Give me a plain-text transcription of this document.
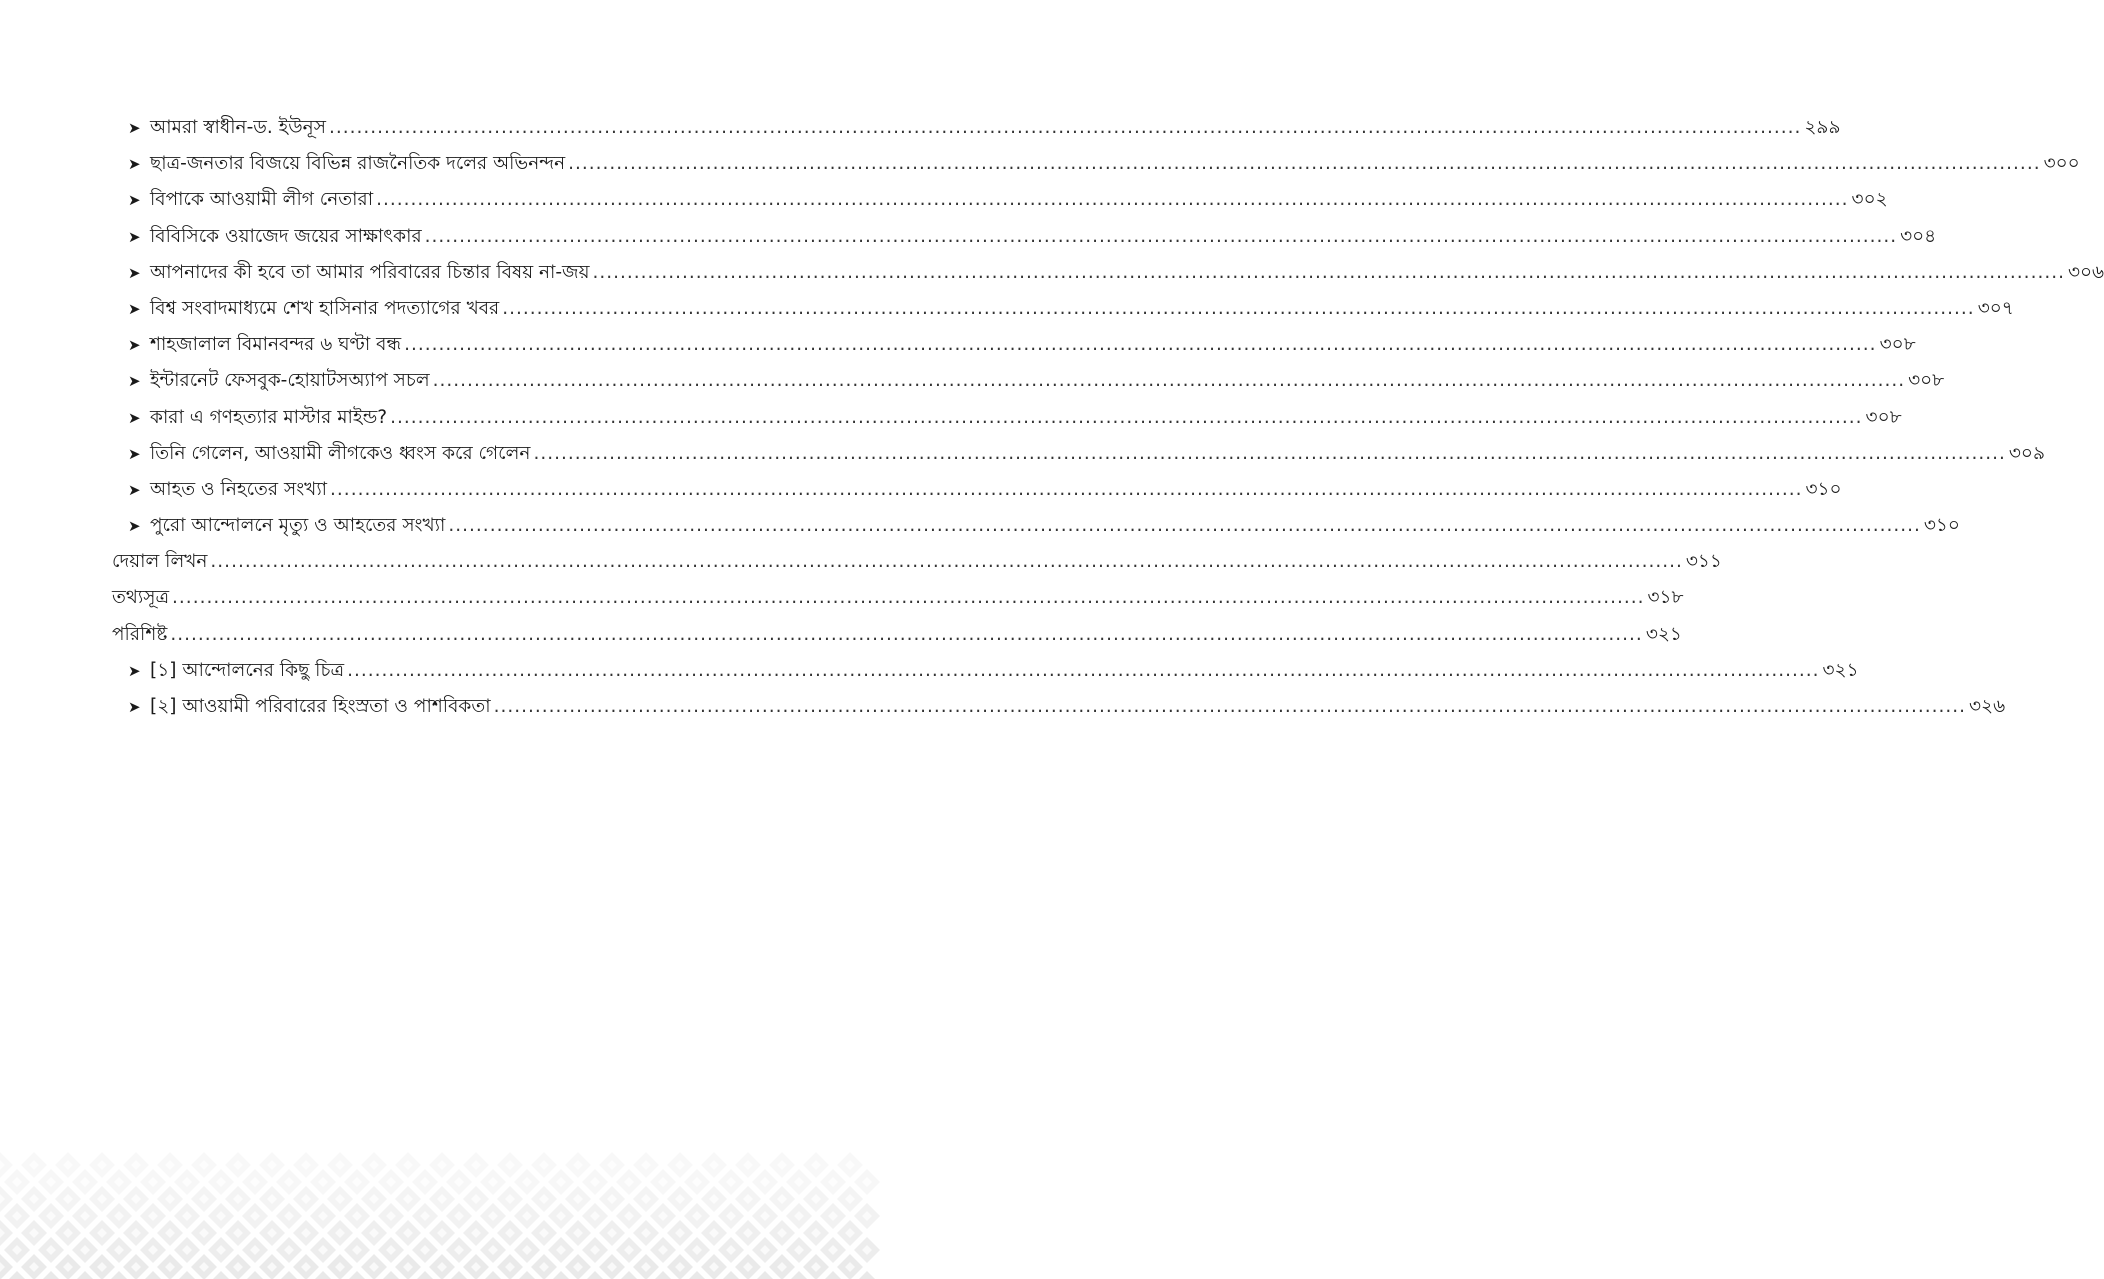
➤ আমরা স্বাধীন-ড. ইউনূস .....	২৯৯
➤ ছাত্র-জনতার বিজয়ে বিভিন্ন রাজনৈতিক দলের অভিনন্দন .....	৩০০
➤ বিপাকে আওয়ামী লীগ নেতারা .....	৩০২
➤ বিবিসিকে ওয়াজেদ জয়ের সাক্ষাৎকার .....	৩০৪
➤ আপনাদের কী হবে তা আমার পরিবারের চিন্তার বিষয় না-জয় .....	৩০৬
➤ বিশ্ব সংবাদমাধ্যমে শেখ হাসিনার পদত্যাগের খবর .....	৩০৭
➤ শাহজালাল বিমানবন্দর ৬ ঘণ্টা বন্ধ .....	৩০৮
➤ ইন্টারনেট ফেসবুক-হোয়াটসঅ্যাপ সচল .....	৩০৮
➤ কারা এ গণহত্যার মাস্টার মাইন্ড? .....	৩০৮
➤ তিনি গেলেন, আওয়ামী লীগকেও ধ্বংস করে গেলেন .....	৩০৯
➤ আহত ও নিহতের সংখ্যা .....	৩১০
➤ পুরো আন্দোলনে মৃত্যু ও আহতের সংখ্যা .....	৩১০
দেয়াল লিখন .....	৩১১
তথ্যসূত্র .....	৩১৮
পরিশিষ্ট .....	৩২১
➤ [১] আন্দোলনের কিছু চিত্র .....	৩২১
➤ [২] আওয়ামী পরিবারের হিংস্রতা ও পাশবিকতা .....	৩২৬
